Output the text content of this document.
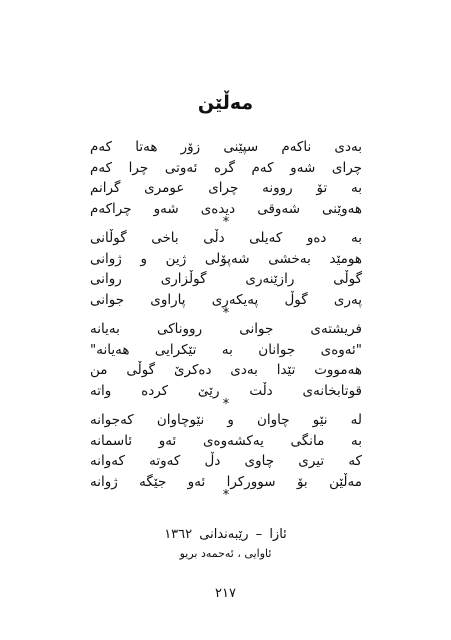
مەڵێن
بەدی ناکەم سپێنی زۆر هەتا کەم
چرای شەو کەم گرە ئەوتی چرا کەم
بە تۆ روونە چرای عومری گرانم
هەوێنی شەوقی دیدەی شەو چراکەم
*
بە دەو کەیلی دڵی باخی گوڵانی
هومێد بەخشی شەپۆلی ژین و ژوانی
گوڵی رازێنەری گوڵزاری روانی
پەری گوڵ پەیکەری پاراوی جوانی
*
فریشتەی جوانی رووناکی بەیانە
"ئەوەی جوانان بە تێکرایی هەیانە"
هەمووت تێدا بەدی دەکرێ گوڵی من
قوتابخانەی دڵت رێێ کردە واتە
*
لە نێو چاوان و نێوچاوان کەجوانە
بە مانگی یەکشەوەی ئەو ئاسمانە
کە تیری چاوی دڵ کەوتە کەوانە
مەڵێن بۆ سوورکرا ئەو جێگە ژوانە
*
ئازا – رێبەندانی ١٣٦٢
ئاوایی ، ئەحمەد بریو
٢١٧
